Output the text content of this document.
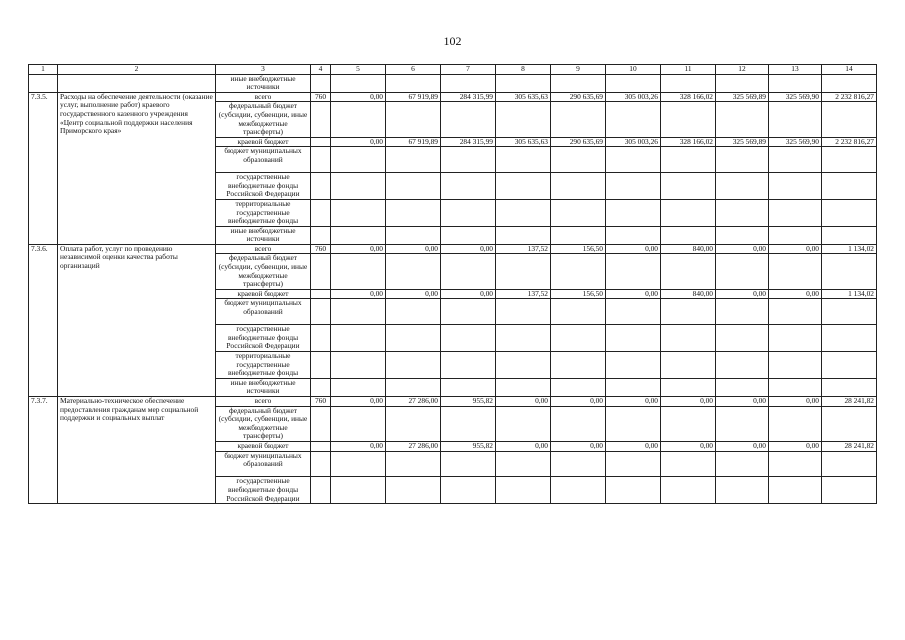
102
1	2	3	4	5	6	7	8	9	10	11	12	13	14
		иные внебюджетные источники											
7.3.5.	Расходы на обеспечение деятельности (оказание услуг, выполнение работ) краевого государственного казенного учреждения «Центр социальной поддержки населения Приморского края»	всего	760	0,00	67 919,89	284 315,99	305 635,63	290 635,69	305 003,26	328 166,02	325 569,89	325 569,90	2 232 816,27
		федеральный бюджет (субсидии, субвенции, иные межбюджетные трансферты)											
		краевой бюджет		0,00	67 919,89	284 315,99	305 635,63	290 635,69	305 003,26	328 166,02	325 569,89	325 569,90	2 232 816,27
		бюджет муниципальных образований											
		государственные внебюджетные фонды Российской Федерации											
		территориальные государственные внебюджетные фонды											
		иные внебюджетные источники											
7.3.6.	Оплата работ, услуг по проведению независимой оценки качества работы организаций	всего	760	0,00	0,00	0,00	137,52	156,50	0,00	840,00	0,00	0,00	1 134,02
		федеральный бюджет (субсидии, субвенции, иные межбюджетные трансферты)											
		краевой бюджет		0,00	0,00	0,00	137,52	156,50	0,00	840,00	0,00	0,00	1 134,02
		бюджет муниципальных образований											
		государственные внебюджетные фонды Российской Федерации											
		территориальные государственные внебюджетные фонды											
		иные внебюджетные источники											
7.3.7.	Материально-техническое обеспечение предоставления гражданам мер социальной поддержки и социальных выплат	всего	760	0,00	27 286,00	955,82	0,00	0,00	0,00	0,00	0,00	0,00	28 241,82
		федеральный бюджет (субсидии, субвенции, иные межбюджетные трансферты)											
		краевой бюджет		0,00	27 286,00	955,82	0,00	0,00	0,00	0,00	0,00	0,00	28 241,82
		бюджет муниципальных образований											
		государственные внебюджетные фонды Российской Федерации											
